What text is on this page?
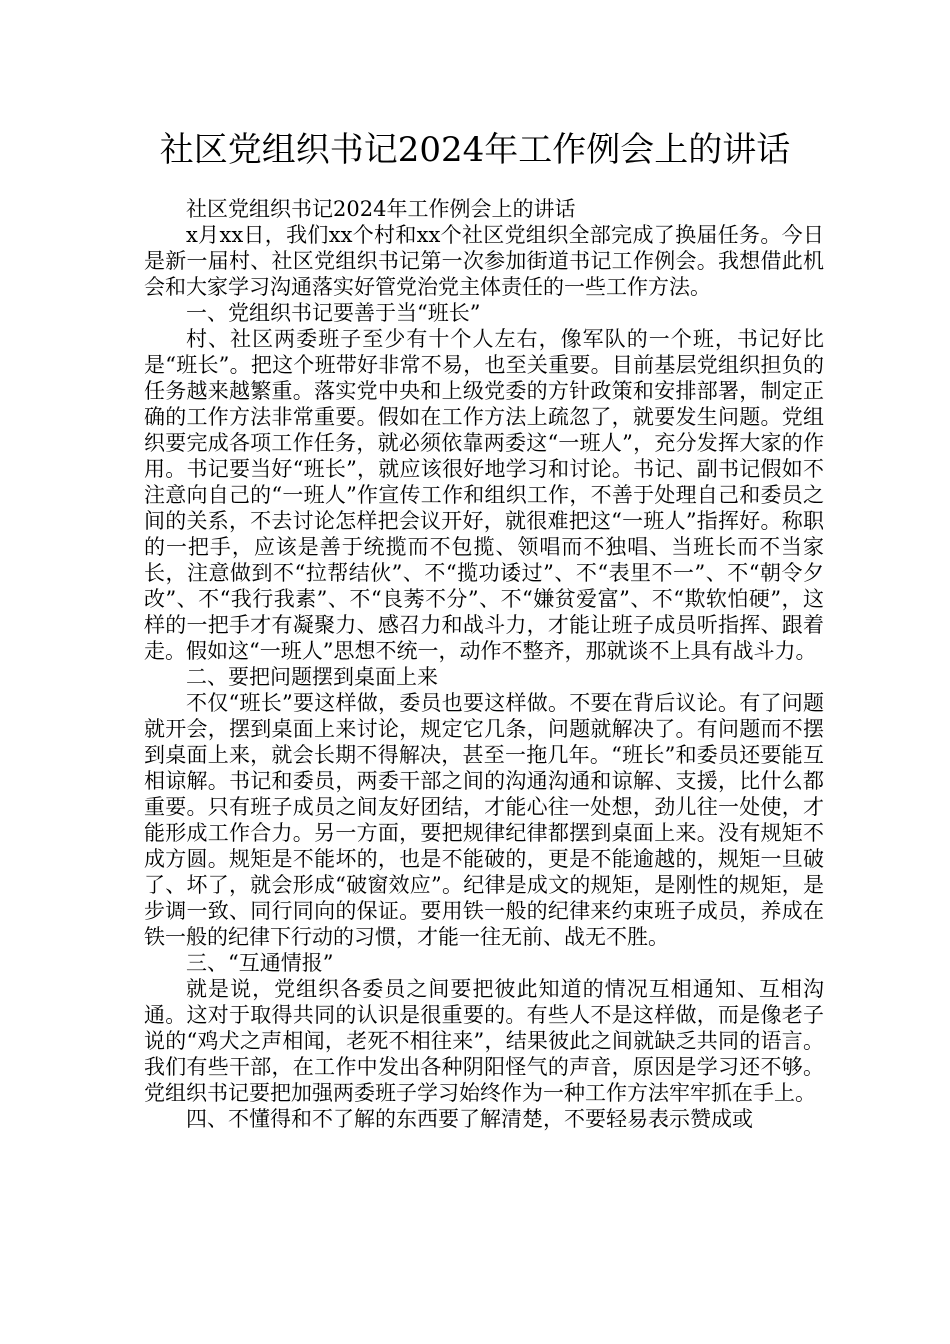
社区党组织书记2024年工作例会上的讲话

社区党组织书记2024年工作例会上的讲话

x月xx日，我们xx个村和xx个社区党组织全部完成了换届任务。今日是新一届村、社区党组织书记第一次参加街道书记工作例会。我想借此机会和大家学习沟通落实好管党治党主体责任的一些工作方法。

一、党组织书记要善于当“班长”

村、社区两委班子至少有十个人左右，像军队的一个班，书记好比是“班长”。把这个班带好非常不易，也至关重要。目前基层党组织担负的任务越来越繁重。落实党中央和上级党委的方针政策和安排部署，制定正确的工作方法非常重要。假如在工作方法上疏忽了，就要发生问题。党组织要完成各项工作任务，就必须依靠两委这“一班人”，充分发挥大家的作用。书记要当好“班长”，就应该很好地学习和讨论。书记、副书记假如不注意向自己的“一班人”作宣传工作和组织工作，不善于处理自己和委员之间的关系，不去讨论怎样把会议开好，就很难把这“一班人”指挥好。称职的一把手，应该是善于统揽而不包揽、领唱而不独唱、当班长而不当家长，注意做到不“拉帮结伙”、不“揽功诿过”、不“表里不一”、不“朝令夕改”、不“我行我素”、不“良莠不分”、不“嫌贫爱富”、不“欺软怕硬”，这样的一把手才有凝聚力、感召力和战斗力，才能让班子成员听指挥、跟着走。假如这“一班人”思想不统一，动作不整齐，那就谈不上具有战斗力。

二、要把问题摆到桌面上来

不仅“班长”要这样做，委员也要这样做。不要在背后议论。有了问题就开会，摆到桌面上来讨论，规定它几条，问题就解决了。有问题而不摆到桌面上来，就会长期不得解决，甚至一拖几年。“班长”和委员还要能互相谅解。书记和委员，两委干部之间的沟通沟通和谅解、支援，比什么都重要。只有班子成员之间友好团结，才能心往一处想，劲儿往一处使，才能形成工作合力。另一方面，要把规律纪律都摆到桌面上来。没有规矩不成方圆。规矩是不能坏的，也是不能破的，更是不能逾越的，规矩一旦破了、坏了，就会形成“破窗效应”。纪律是成文的规矩，是刚性的规矩，是步调一致、同行同向的保证。要用铁一般的纪律来约束班子成员，养成在铁一般的纪律下行动的习惯，才能一往无前、战无不胜。

三、“互通情报”

就是说，党组织各委员之间要把彼此知道的情况互相通知、互相沟通。这对于取得共同的认识是很重要的。有些人不是这样做，而是像老子说的“鸡犬之声相闻，老死不相往来”，结果彼此之间就缺乏共同的语言。我们有些干部，在工作中发出各种阴阳怪气的声音，原因是学习还不够。党组织书记要把加强两委班子学习始终作为一种工作方法牢牢抓在手上。

四、不懂得和不了解的东西要了解清楚，不要轻易表示赞成或
